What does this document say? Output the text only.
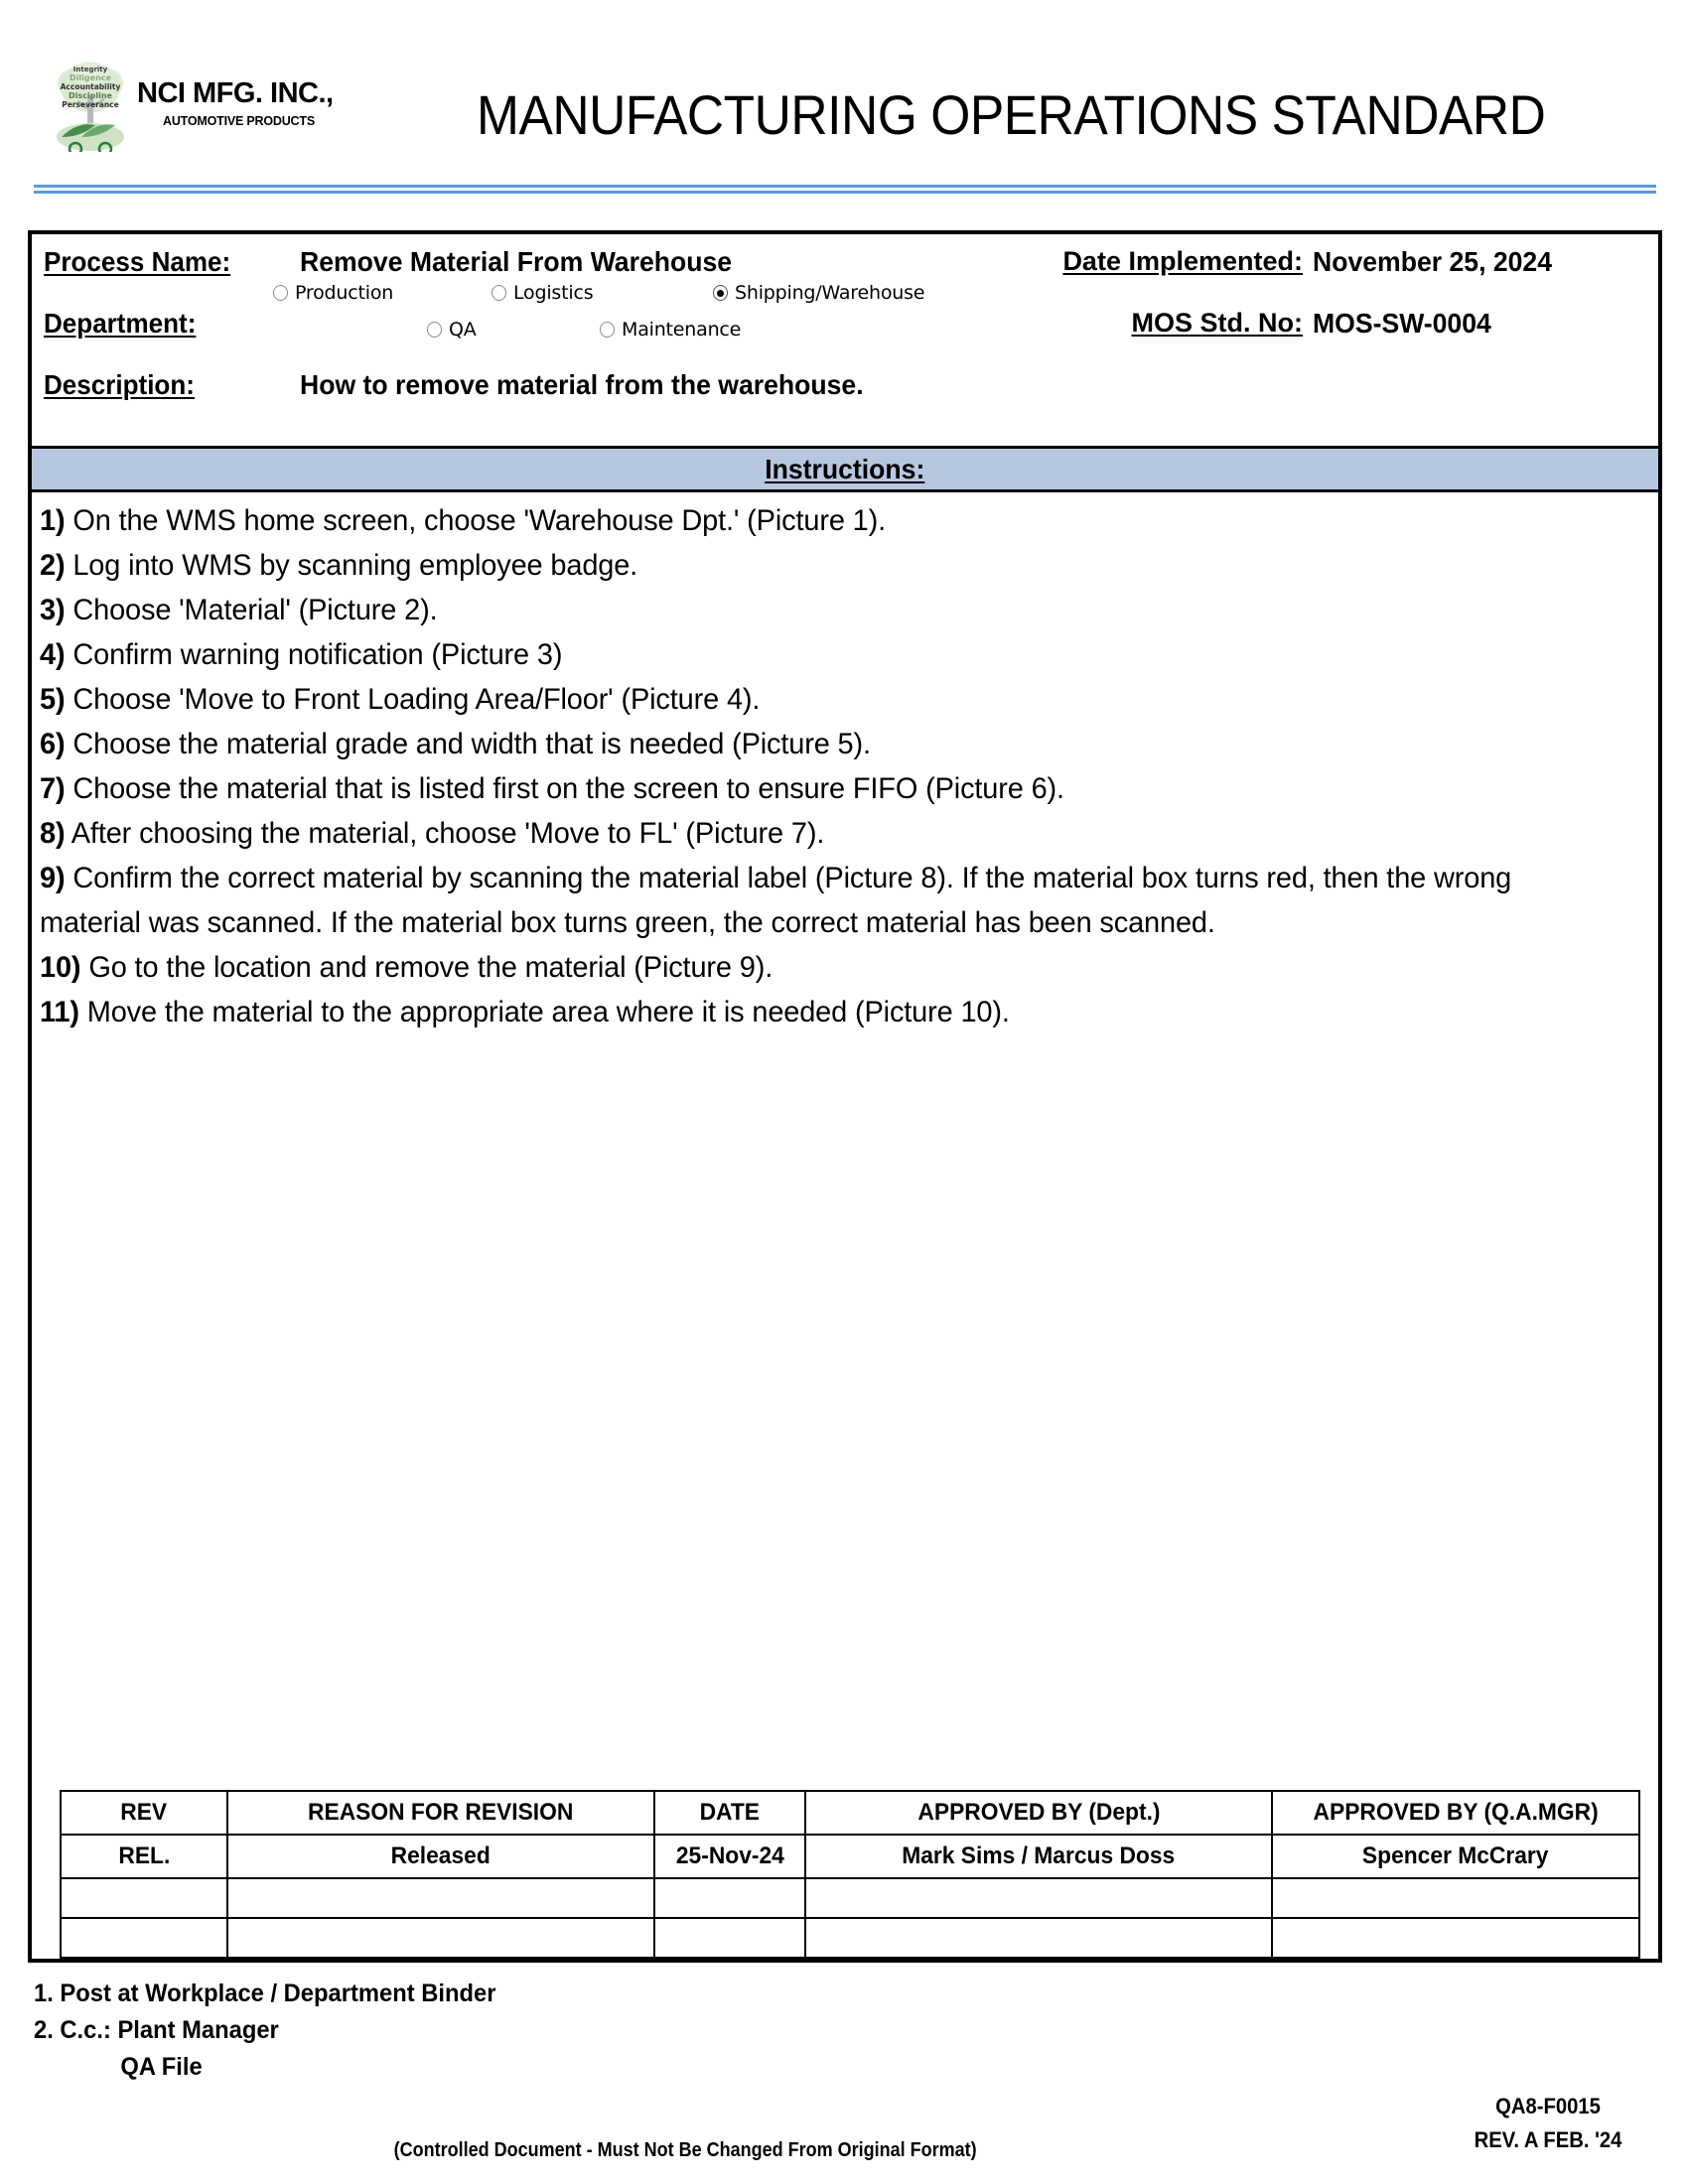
Integrity
Diligence
Accountability
Discipline
Perseverance NCI MFG. INC.,
AUTOMOTIVE PRODUCTS	MANUFACTURING OPERATIONS STANDARD
Process Name: Remove Material From Warehouse
Department:
Production	Logistics	Shipping/Warehouse
QA	Maintenance
Date Implemented: November 25, 2024
MOS Std. No: MOS-SW-0004
Description:	How to remove material from the warehouse.
Instructions:
1) On the WMS home screen, choose 'Warehouse Dpt.' (Picture 1).
2) Log into WMS by scanning employee badge.
3) Choose 'Material' (Picture 2).
4) Confirm warning notification (Picture 3)
5) Choose 'Move to Front Loading Area/Floor' (Picture 4).
6) Choose the material grade and width that is needed (Picture 5).
7) Choose the material that is listed first on the screen to ensure FIFO (Picture 6).
8) After choosing the material, choose 'Move to FL' (Picture 7).
9) Confirm the correct material by scanning the material label (Picture 8). If the material box turns red, then the wrong material was scanned. If the material box turns green, the correct material has been scanned.
10) Go to the location and remove the material (Picture 9).
11) Move the material to the appropriate area where it is needed (Picture 10).
REV	REASON FOR REVISION	DATE	APPROVED BY (Dept.)	APPROVED BY (Q.A.MGR)
REL.	Released	25-Nov-24	Mark Sims / Marcus Doss	Spencer McCrary

1. Post at Workplace / Department Binder
2. C.c.: Plant Manager
QA File
(Controlled Document - Must Not Be Changed From Original Format)
QA8-F0015
REV. A FEB. '24
